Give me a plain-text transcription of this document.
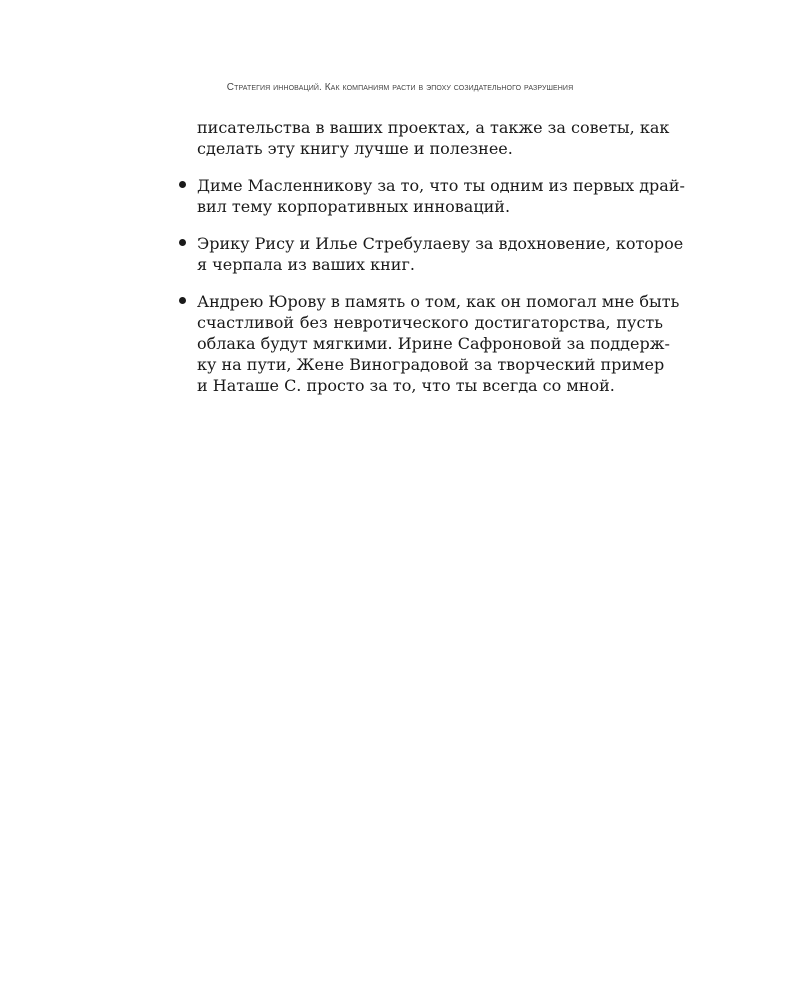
Стратегия инноваций. Как компаниям расти в эпоху созидательного разрушения

писательства в ваших проектах, а также за советы, как
сделать эту книгу лучше и полезнее.

Диме Масленникову за то, что ты одним из первых драй-
вил тему корпоративных инноваций.

Эрику Рису и Илье Стребулаеву за вдохновение, которое
я черпала из ваших книг.

Андрею Юрову в память о том, как он помогал мне быть
счастливой без невротического достигаторства, пусть
облака будут мягкими. Ирине Сафроновой за поддерж-
ку на пути, Жене Виноградовой за творческий пример
и Наташе С. просто за то, что ты всегда со мной.
